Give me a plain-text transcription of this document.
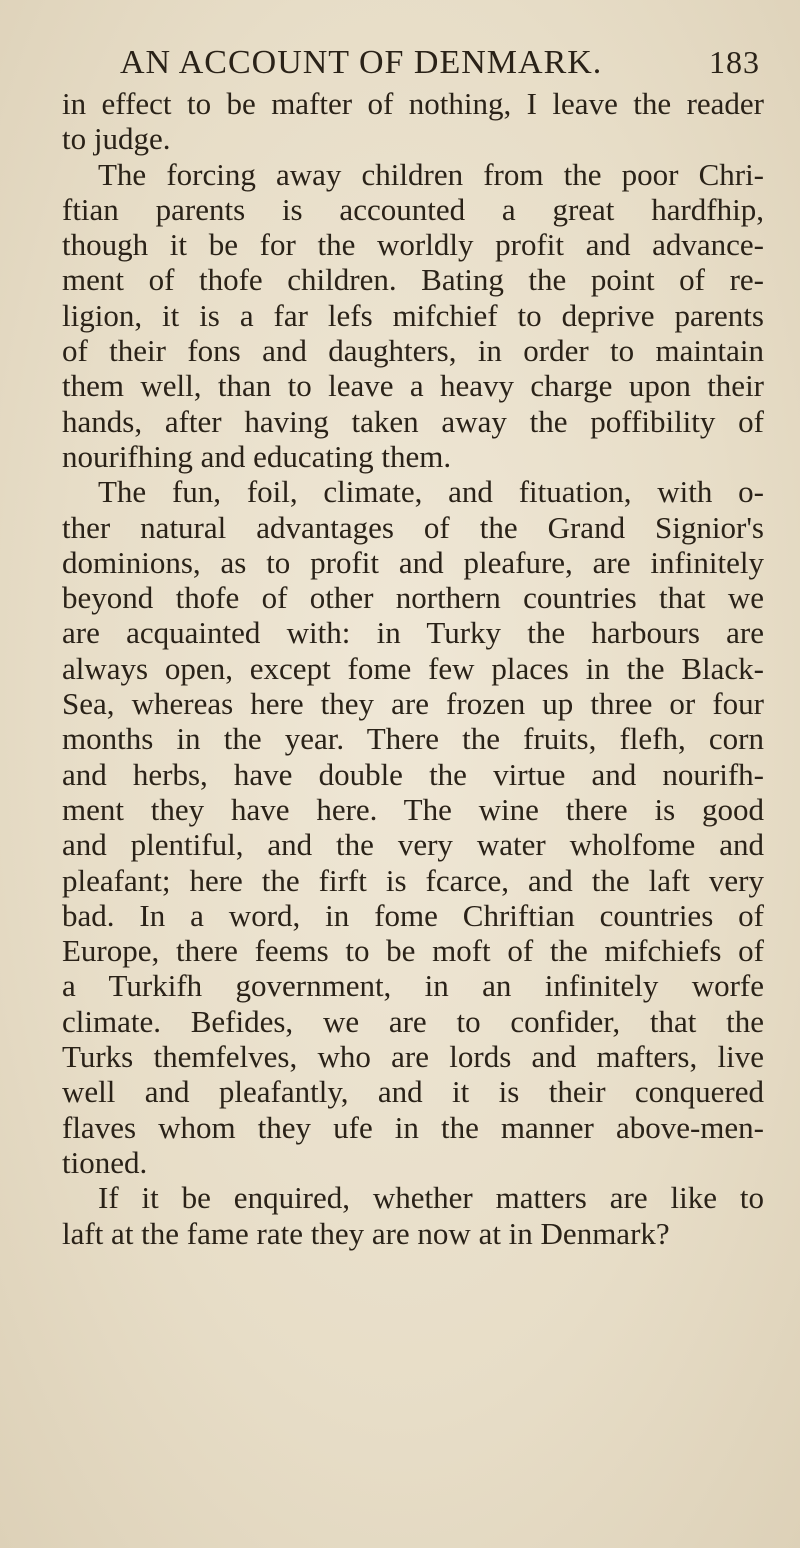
AN ACCOUNT OF DENMARK.	183
in effect to be mafter of nothing, I leave the reader
to judge.
The forcing away children from the poor Chri-
ftian parents is accounted a great hardfhip,
though it be for the worldly profit and advance-
ment of thofe children. Bating the point of re-
ligion, it is a far lefs mifchief to deprive parents
of their fons and daughters, in order to maintain
them well, than to leave a heavy charge upon their
hands, after having taken away the poffibility of
nourifhing and educating them.
The fun, foil, climate, and fituation, with o-
ther natural advantages of the Grand Signior's
dominions, as to profit and pleafure, are infinitely
beyond thofe of other northern countries that we
are acquainted with: in Turky the harbours are
always open, except fome few places in the Black-
Sea, whereas here they are frozen up three or four
months in the year. There the fruits, flefh, corn
and herbs, have double the virtue and nourifh-
ment they have here. The wine there is good
and plentiful, and the very water wholfome and
pleafant; here the firft is fcarce, and the laft very
bad. In a word, in fome Chriftian countries of
Europe, there feems to be moft of the mifchiefs of
a Turkifh government, in an infinitely worfe
climate. Befides, we are to confider, that the
Turks themfelves, who are lords and mafters, live
well and pleafantly, and it is their conquered
flaves whom they ufe in the manner above-men-
tioned.
If it be enquired, whether matters are like to
laft at the fame rate they are now at in Denmark?
